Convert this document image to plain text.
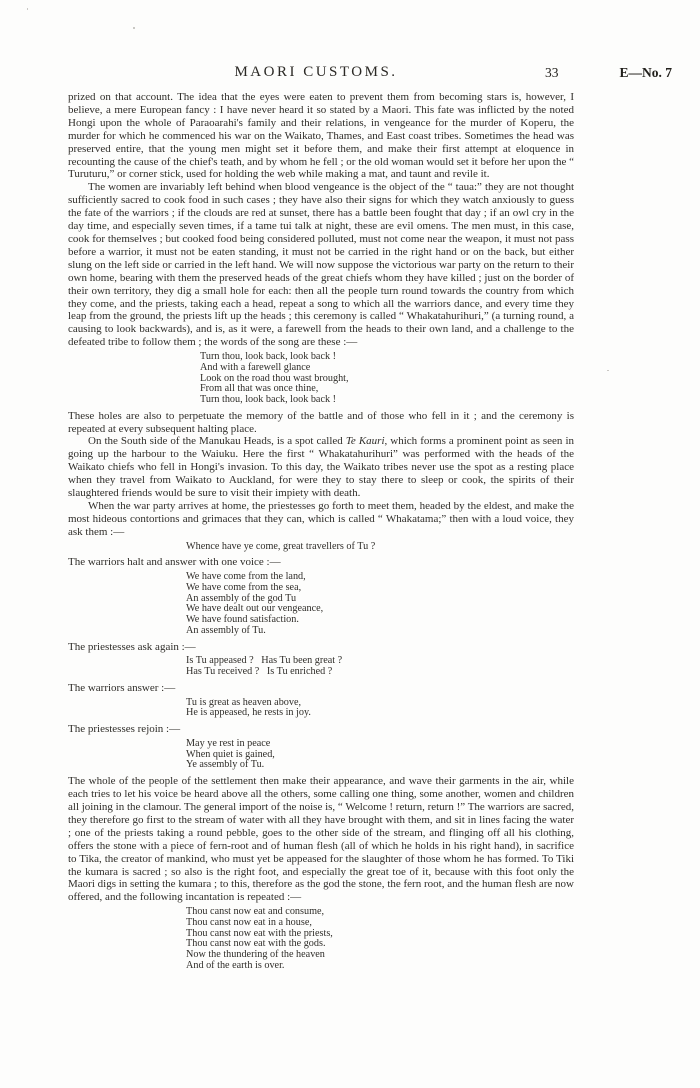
MAORI CUSTOMS.	33	E—No. 7

prized on that account. The idea that the eyes were eaten to prevent them from becoming stars is, however, I believe, a mere European fancy : I have never heard it so stated by a Maori. This fate was inflicted by the noted Hongi upon the whole of Paraoarahi's family and their relations, in vengeance for the murder of Koperu, the murder for which he commenced his war on the Waikato, Thames, and East coast tribes. Sometimes the head was preserved entire, that the young men might set it before them, and make their first attempt at eloquence in recounting the cause of the chief's teath, and by whom he fell ; or the old woman would set it before her upon the “ Turuturu,” or corner stick, used for holding the web while making a mat, and taunt and revile it.

The women are invariably left behind when blood vengeance is the object of the “ taua:” they are not thought sufficiently sacred to cook food in such cases ; they have also their signs for which they watch anxiously to guess the fate of the warriors ; if the clouds are red at sunset, there has a battle been fought that day ; if an owl cry in the day time, and especially seven times, if a tame tui talk at night, these are evil omens. The men must, in this case, cook for themselves ; but cooked food being considered polluted, must not come near the weapon, it must not pass before a warrior, it must not be eaten standing, it must not be carried in the right hand or on the back, but either slung on the left side or carried in the left hand. We will now suppose the victorious war party on the return to their own home, bearing with them the preserved heads of the great chiefs whom they have killed ; just on the border of their own territory, they dig a small hole for each: then all the people turn round towards the country from which they come, and the priests, taking each a head, repeat a song to which all the warriors dance, and every time they leap from the ground, the priests lift up the heads ; this ceremony is called “ Whakatahurihuri,” (a turning round, a causing to look backwards), and is, as it were, a farewell from the heads to their own land, and a challenge to the defeated tribe to follow them ; the words of the song are these :—

Turn thou, look back, look back !
And with a farewell glance
Look on the road thou wast brought,
From all that was once thine,
Turn thou, look back, look back !

These holes are also to perpetuate the memory of the battle and of those who fell in it ; and the ceremony is repeated at every subsequent halting place.

On the South side of the Manukau Heads, is a spot called Te Kauri, which forms a prominent point as seen in going up the harbour to the Waiuku. Here the first “ Whakatahurihuri” was performed with the heads of the Waikato chiefs who fell in Hongi's invasion. To this day, the Waikato tribes never use the spot as a resting place when they travel from Waikato to Auckland, for were they to stay there to sleep or cook, the spirits of their slaughtered friends would be sure to visit their impiety with death.

When the war party arrives at home, the priestesses go forth to meet them, headed by the eldest, and make the most hideous contortions and grimaces that they can, which is called “ Whakatama;” then with a loud voice, they ask them :—

Whence have ye come, great travellers of Tu ?

The warriors halt and answer with one voice :—

We have come from the land,
We have come from the sea,
An assembly of the god Tu
We have dealt out our vengeance,
We have found satisfaction.
An assembly of Tu.

The priestesses ask again :—

Is Tu appeased ?   Has Tu been great ?
Has Tu received ?   Is Tu enriched ?

The warriors answer :—

Tu is great as heaven above,
He is appeased, he rests in joy.

The priestesses rejoin :—

May ye rest in peace
When quiet is gained,
Ye assembly of Tu.

The whole of the people of the settlement then make their appearance, and wave their garments in the air, while each tries to let his voice be heard above all the others, some calling one thing, some another, women and children all joining in the clamour. The general import of the noise is, “ Welcome ! return, return !” The warriors are sacred, they therefore go first to the stream of water with all they have brought with them, and sit in lines facing the water ; one of the priests taking a round pebble, goes to the other side of the stream, and flinging off all his clothing, offers the stone with a piece of fern-root and of human flesh (all of which he holds in his right hand), in sacrifice to Tika, the creator of mankind, who must yet be appeased for the slaughter of those whom he has formed. To Tiki the kumara is sacred ; so also is the right foot, and especially the great toe of it, because with this foot only the Maori digs in setting the kumara ; to this, therefore as the god the stone, the fern root, and the human flesh are now offered, and the following incantation is repeated :—

Thou canst now eat and consume,
Thou canst now eat in a house,
Thou canst now eat with the priests,
Thou canst now eat with the gods.
Now the thundering of the heaven
And of the earth is over.
